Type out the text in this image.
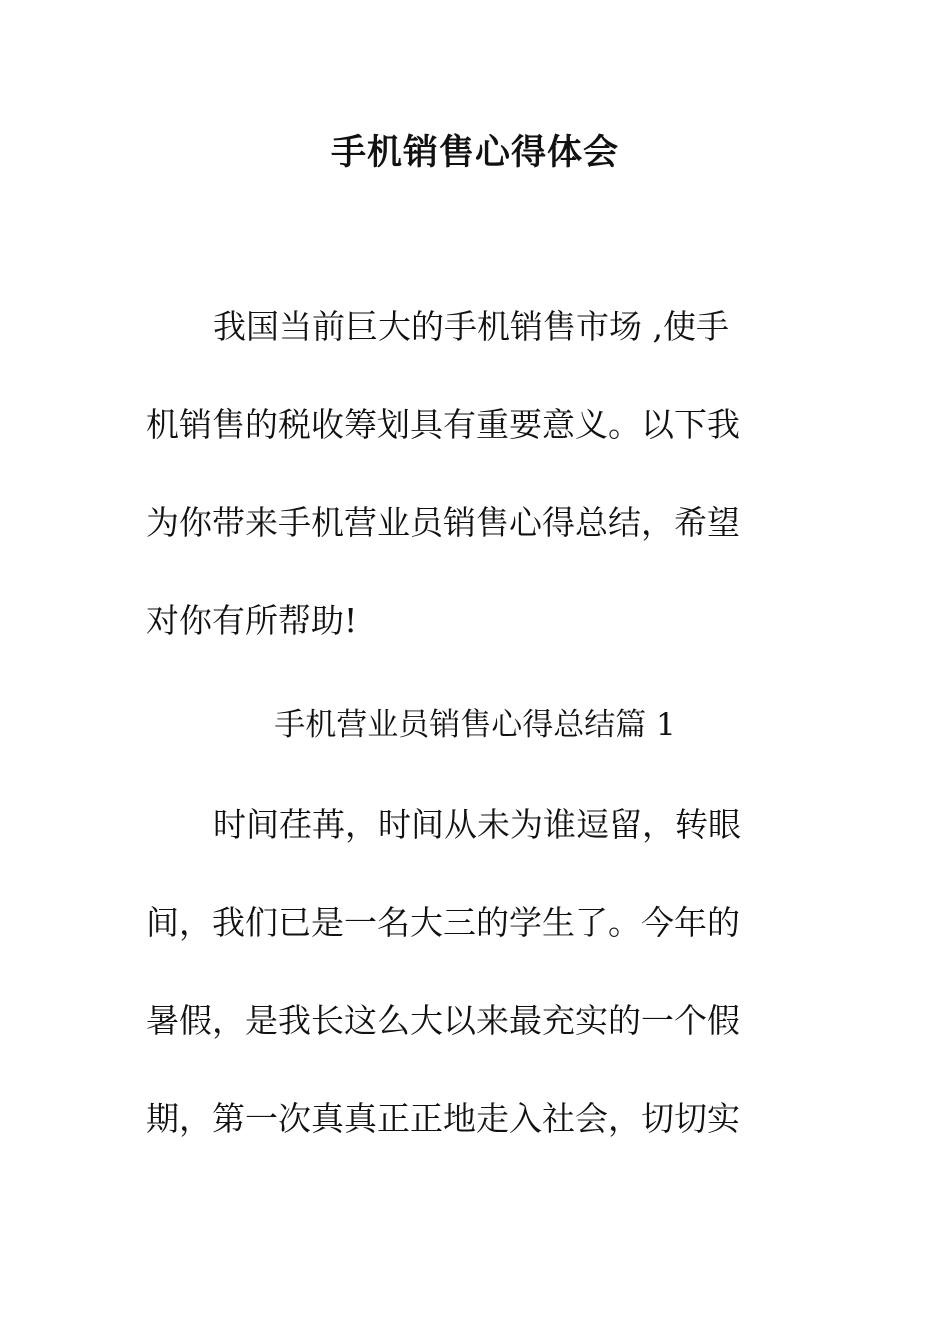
手机销售心得体会
我国当前巨大的手机销售市场 ,使手
机销售的税收筹划具有重要意义。以下我
为你带来手机营业员销售心得总结，希望
对你有所帮助!

手机营业员销售心得总结篇 1

时间荏苒，时间从未为谁逗留，转眼
间，我们已是一名大三的学生了。今年的
暑假，是我长这么大以来最充实的一个假
期，第一次真真正正地走入社会，切切实
